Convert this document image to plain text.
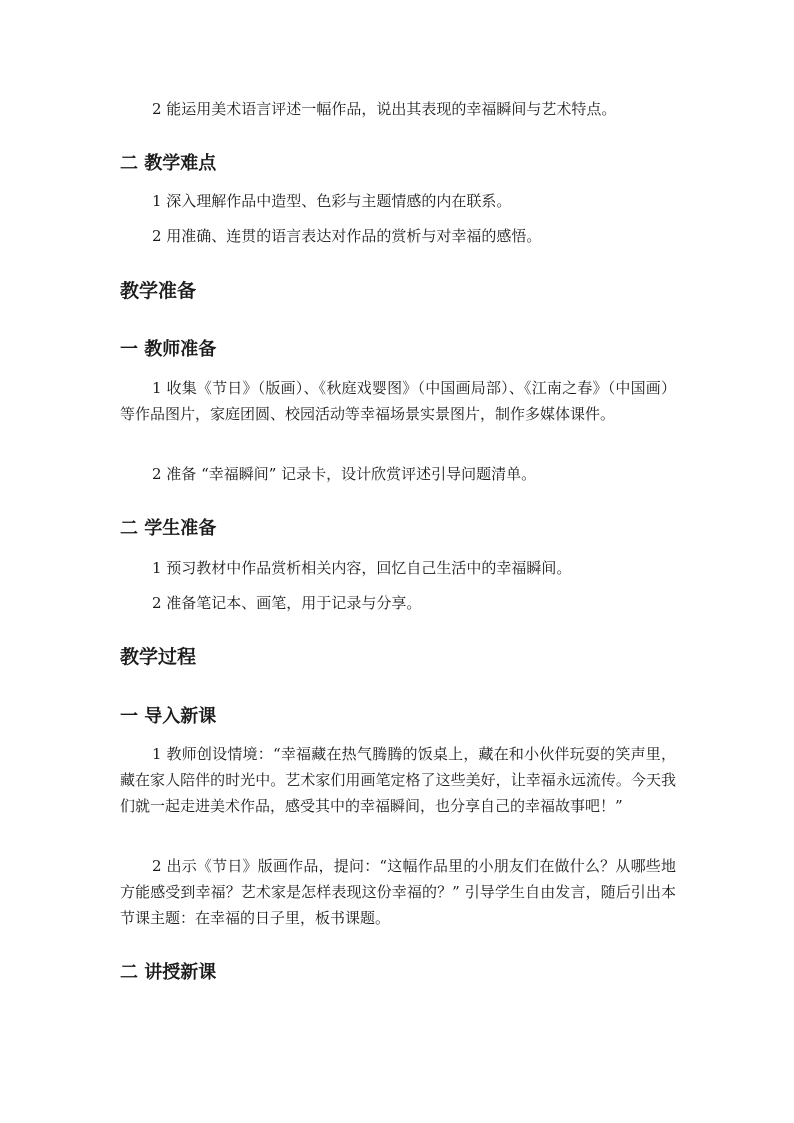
2 能运用美术语言评述一幅作品，说出其表现的幸福瞬间与艺术特点。

二 教学难点

1 深入理解作品中造型、色彩与主题情感的内在联系。

2 用准确、连贯的语言表达对作品的赏析与对幸福的感悟。

教学准备
一 教师准备

1 收集《节日》（版画）、《秋庭戏婴图》（中国画局部）、《江南之春》（中国画）等作品图片，家庭团圆、校园活动等幸福场景实景图片，制作多媒体课件。

2 准备 “幸福瞬间” 记录卡，设计欣赏评述引导问题清单。

二 学生准备

1 预习教材中作品赏析相关内容，回忆自己生活中的幸福瞬间。

2 准备笔记本、画笔，用于记录与分享。

教学过程
一 导入新课

1 教师创设情境：“幸福藏在热气腾腾的饭桌上，藏在和小伙伴玩耍的笑声里，藏在家人陪伴的时光中。艺术家们用画笔定格了这些美好，让幸福永远流传。今天我们就一起走进美术作品，感受其中的幸福瞬间，也分享自己的幸福故事吧！”

2 出示《节日》版画作品，提问：“这幅作品里的小朋友们在做什么？从哪些地方能感受到幸福？艺术家是怎样表现这份幸福的？” 引导学生自由发言，随后引出本节课主题：在幸福的日子里，板书课题。

二 讲授新课
